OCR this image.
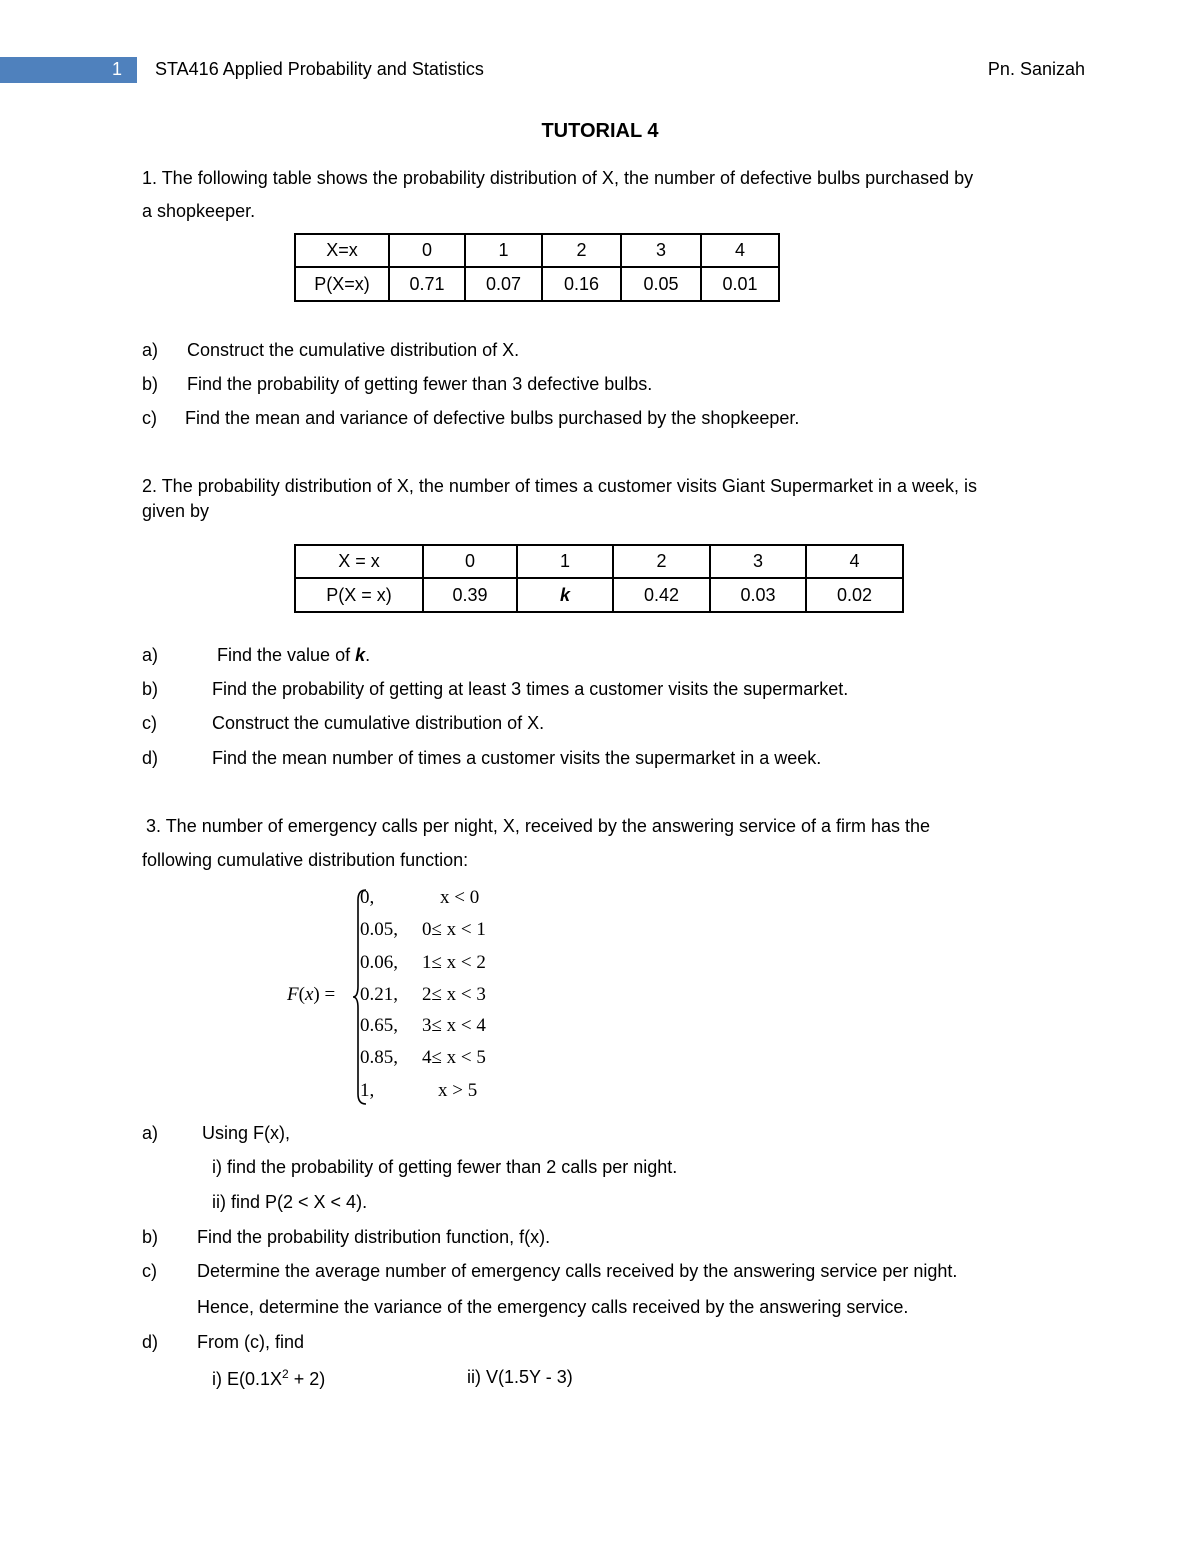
1 STA416 Applied Probability and Statistics	Pn. Sanizah
TUTORIAL 4
1. The following table shows the probability distribution of X, the number of defective bulbs purchased by
a shopkeeper.
X=x	0	1	2	3	4
P(X=x)	0.71	0.07	0.16	0.05	0.01
a) Construct the cumulative distribution of X.
b) Find the probability of getting fewer than 3 defective bulbs.
c) Find the mean and variance of defective bulbs purchased by the shopkeeper.
2. The probability distribution of X, the number of times a customer visits Giant Supermarket in a week, is
given by
X = x	0	1	2	3	4
P(X = x)	0.39	k	0.42	0.03	0.02
a)	Find the value of k.
b)	Find the probability of getting at least 3 times a customer visits the supermarket.
c)	Construct the cumulative distribution of X.
d)	Find the mean number of times a customer visits the supermarket in a week.
3. The number of emergency calls per night, X, received by the answering service of a firm has the
following cumulative distribution function:
F(x) =
0,	x < 0
0.05, 0≤ x < 1
0.06, 1≤ x < 2
0.21, 2≤ x < 3
0.65, 3≤ x < 4
0.85, 4≤ x < 5
1,	x > 5
a) Using F(x),
i) find the probability of getting fewer than 2 calls per night.
ii) find P(2 < X < 4).
b) Find the probability distribution function, f(x).
c) Determine the average number of emergency calls received by the answering service per night.
Hence, determine the variance of the emergency calls received by the answering service.
d) From (c), find
i) $E(0.1X^2 + 2)$	ii) V(1.5Y - 3)
